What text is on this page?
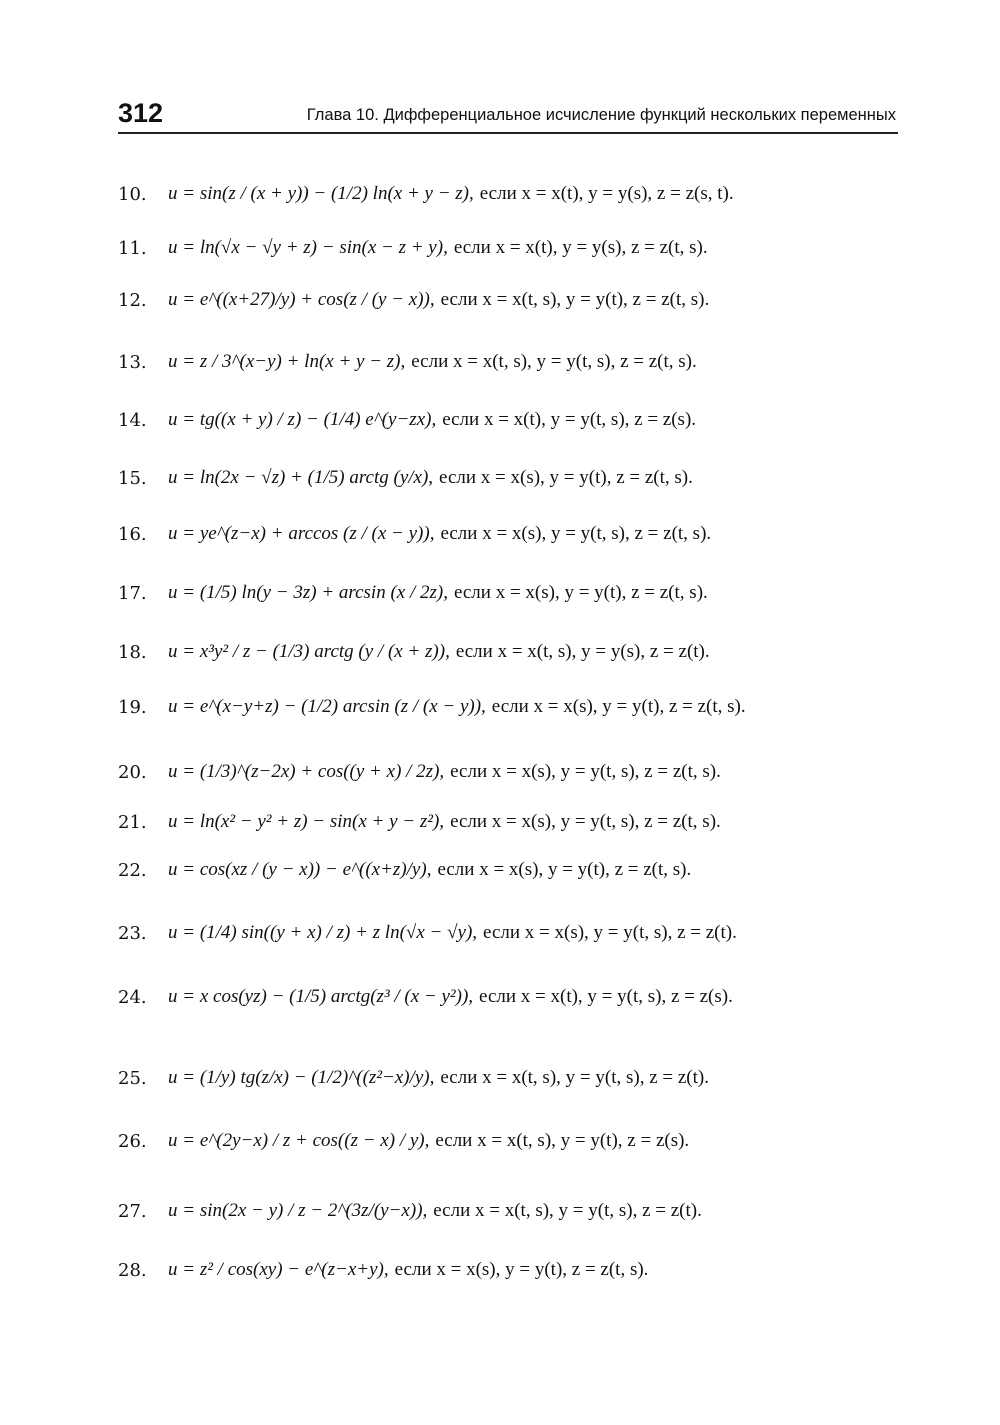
312	Глава 10. Дифференциальное исчисление функций нескольких переменных
10.	u = sin(z / (x + y)) − (1/2) ln(x + y − z), если x = x(t), y = y(s), z = z(s, t).
11.	u = ln(√x − √y + z) − sin(x − z + y), если x = x(t), y = y(s), z = z(t, s).
12.	u = e^((x+27)/y) + cos(z / (y − x)), если x = x(t, s), y = y(t), z = z(t, s).
13.	u = z / 3^(x−y) + ln(x + y − z), если x = x(t, s), y = y(t, s), z = z(t, s).
14.	u = tg((x + y) / z) − (1/4) e^(y−zx), если x = x(t), y = y(t, s), z = z(s).
15.	u = ln(2x − √z) + (1/5) arctg (y/x), если x = x(s), y = y(t), z = z(t, s).
16.	u = ye^(z−x) + arccos (z / (x − y)), если x = x(s), y = y(t, s), z = z(t, s).
17.	u = (1/5) ln(y − 3z) + arcsin (x / 2z), если x = x(s), y = y(t), z = z(t, s).
18.	u = x³y² / z − (1/3) arctg (y / (x + z)), если x = x(t, s), y = y(s), z = z(t).
19.	u = e^(x−y+z) − (1/2) arcsin (z / (x − y)), если x = x(s), y = y(t), z = z(t, s).
20.	u = (1/3)^(z−2x) + cos((y + x) / 2z), если x = x(s), y = y(t, s), z = z(t, s).
21.	u = ln(x² − y² + z) − sin(x + y − z²), если x = x(s), y = y(t, s), z = z(t, s).
22.	u = cos(xz / (y − x)) − e^((x+z)/y), если x = x(s), y = y(t), z = z(t, s).
23.	u = (1/4) sin((y + x) / z) + z ln(√x − √y), если x = x(s), y = y(t, s), z = z(t).
24.	u = x cos(yz) − (1/5) arctg(z³ / (x − y²)), если x = x(t), y = y(t, s), z = z(s).
25.	u = (1/y) tg(z/x) − (1/2)^((z²−x)/y), если x = x(t, s), y = y(t, s), z = z(t).
26.	u = e^(2y−x) / z + cos((z − x) / y), если x = x(t, s), y = y(t), z = z(s).
27.	u = sin(2x − y) / z − 2^(3z/(y−x)), если x = x(t, s), y = y(t, s), z = z(t).
28.	u = z² / cos(xy) − e^(z−x+y), если x = x(s), y = y(t), z = z(t, s).
